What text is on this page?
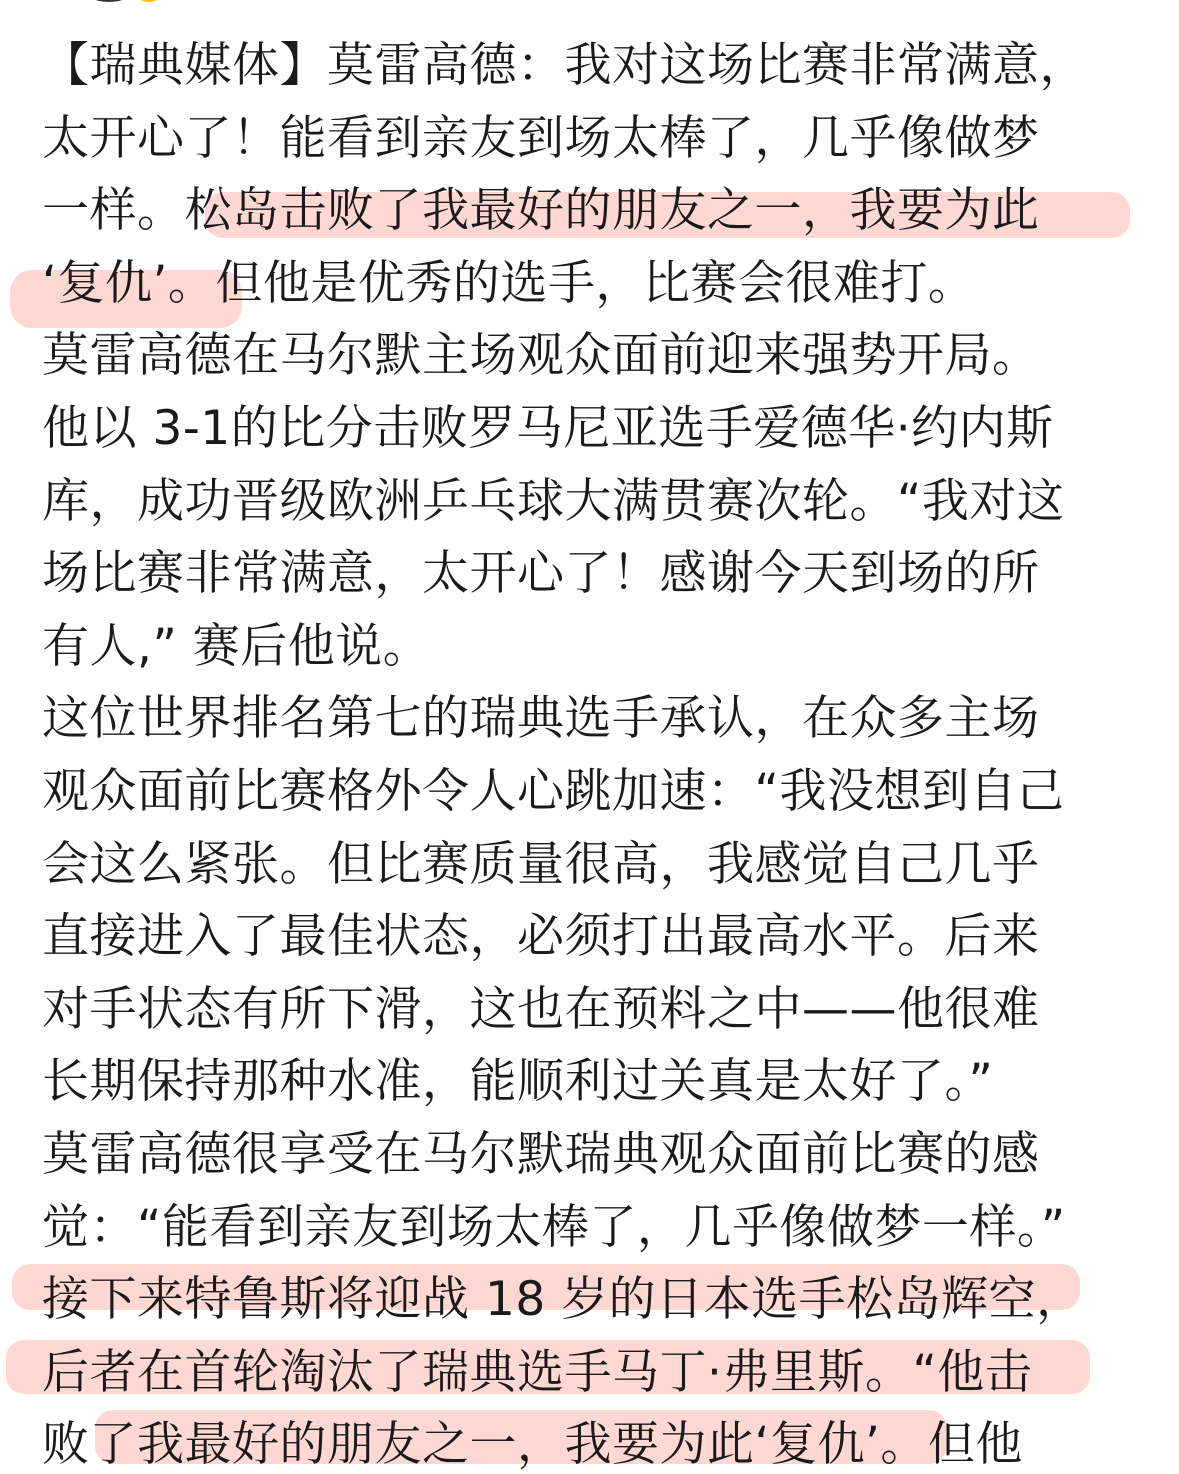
【瑞典媒体】莫雷高德：我对这场比赛非常满意，
太开心了！能看到亲友到场太棒了，几乎像做梦
一样。松岛击败了我最好的朋友之一，我要为此
‘复仇’。但他是优秀的选手，比赛会很难打。
莫雷高德在马尔默主场观众面前迎来强势开局。
他以 3-1的比分击败罗马尼亚选手爱德华·约内斯
库，成功晋级欧洲乒乓球大满贯赛次轮。“我对这
场比赛非常满意，太开心了！感谢今天到场的所
有人,” 赛后他说。
这位世界排名第七的瑞典选手承认，在众多主场
观众面前比赛格外令人心跳加速：“我没想到自己
会这么紧张。但比赛质量很高，我感觉自己几乎
直接进入了最佳状态，必须打出最高水平。后来
对手状态有所下滑，这也在预料之中——他很难
长期保持那种水准，能顺利过关真是太好了。”
莫雷高德很享受在马尔默瑞典观众面前比赛的感
觉：“能看到亲友到场太棒了，几乎像做梦一样。”
接下来特鲁斯将迎战 18 岁的日本选手松岛辉空，
后者在首轮淘汰了瑞典选手马丁·弗里斯。“他击
败了我最好的朋友之一，我要为此‘复仇’。但他
